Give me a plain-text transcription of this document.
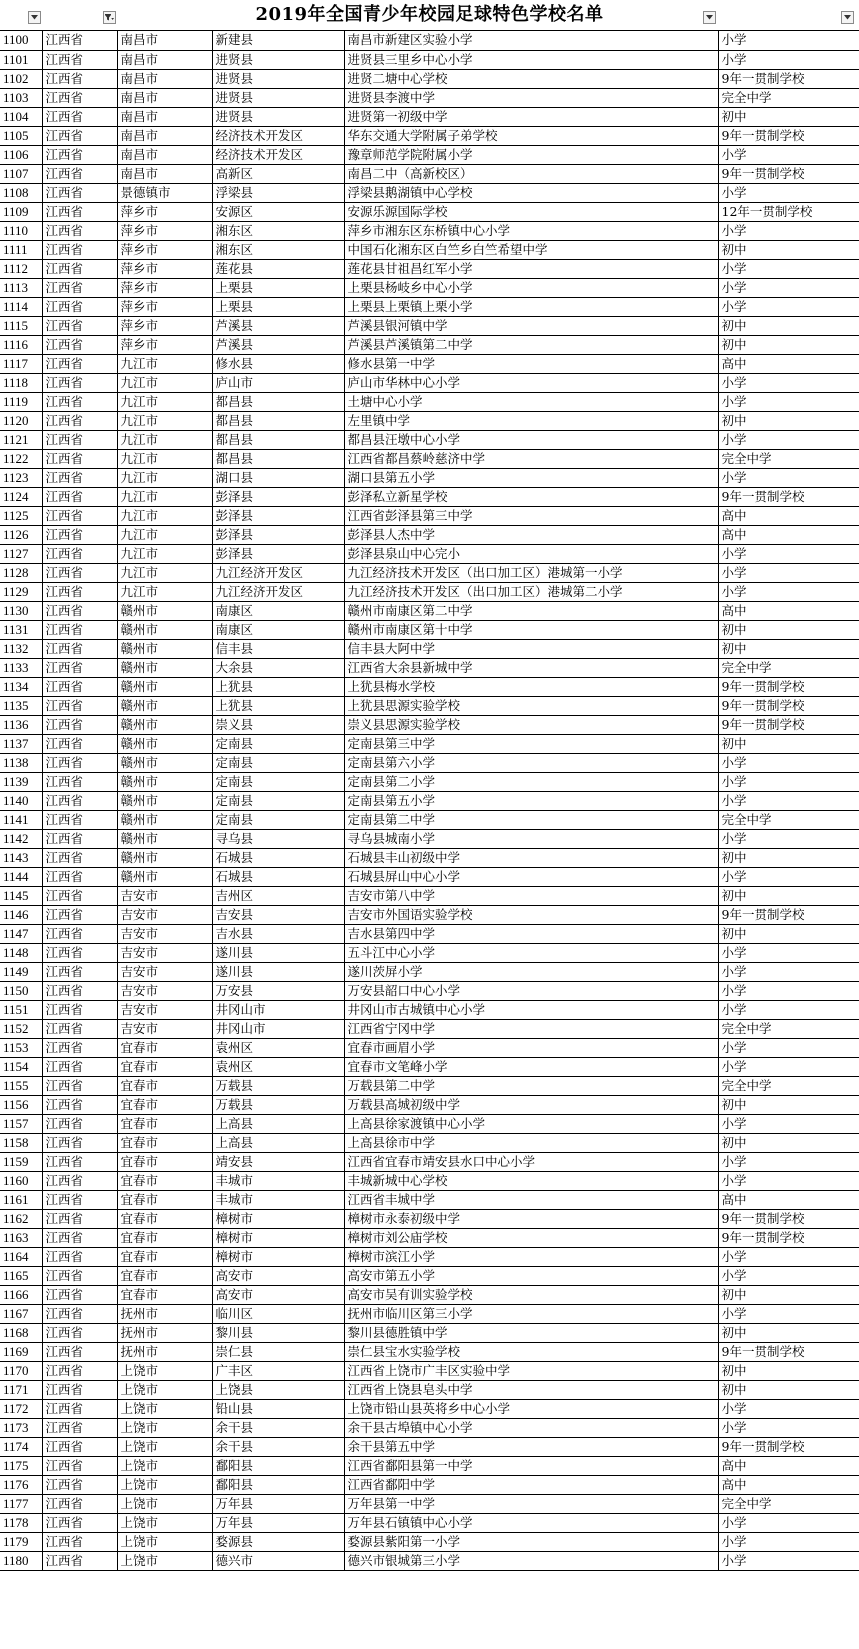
2019年全国青少年校园足球特色学校名单
1100	江西省	南昌市	新建县	南昌市新建区实验小学	小学
1101	江西省	南昌市	进贤县	进贤县三里乡中心小学	小学
1102	江西省	南昌市	进贤县	进贤二塘中心学校	9年一贯制学校
1103	江西省	南昌市	进贤县	进贤县李渡中学	完全中学
1104	江西省	南昌市	进贤县	进贤第一初级中学	初中
1105	江西省	南昌市	经济技术开发区	华东交通大学附属子弟学校	9年一贯制学校
1106	江西省	南昌市	经济技术开发区	豫章师范学院附属小学	小学
1107	江西省	南昌市	高新区	南昌二中（高新校区）	9年一贯制学校
1108	江西省	景德镇市	浮梁县	浮梁县鹅湖镇中心学校	小学
1109	江西省	萍乡市	安源区	安源乐源国际学校	12年一贯制学校
1110	江西省	萍乡市	湘东区	萍乡市湘东区东桥镇中心小学	小学
1111	江西省	萍乡市	湘东区	中国石化湘东区白竺乡白竺希望中学	初中
1112	江西省	萍乡市	莲花县	莲花县甘祖昌红军小学	小学
1113	江西省	萍乡市	上栗县	上栗县杨岐乡中心小学	小学
1114	江西省	萍乡市	上栗县	上栗县上栗镇上栗小学	小学
1115	江西省	萍乡市	芦溪县	芦溪县银河镇中学	初中
1116	江西省	萍乡市	芦溪县	芦溪县芦溪镇第二中学	初中
1117	江西省	九江市	修水县	修水县第一中学	高中
1118	江西省	九江市	庐山市	庐山市华林中心小学	小学
1119	江西省	九江市	都昌县	土塘中心小学	小学
1120	江西省	九江市	都昌县	左里镇中学	初中
1121	江西省	九江市	都昌县	都昌县汪墩中心小学	小学
1122	江西省	九江市	都昌县	江西省都昌蔡岭慈济中学	完全中学
1123	江西省	九江市	湖口县	湖口县第五小学	小学
1124	江西省	九江市	彭泽县	彭泽私立新星学校	9年一贯制学校
1125	江西省	九江市	彭泽县	江西省彭泽县第三中学	高中
1126	江西省	九江市	彭泽县	彭泽县人杰中学	高中
1127	江西省	九江市	彭泽县	彭泽县泉山中心完小	小学
1128	江西省	九江市	九江经济开发区	九江经济技术开发区（出口加工区）港城第一小学	小学
1129	江西省	九江市	九江经济开发区	九江经济技术开发区（出口加工区）港城第二小学	小学
1130	江西省	赣州市	南康区	赣州市南康区第二中学	高中
1131	江西省	赣州市	南康区	赣州市南康区第十中学	初中
1132	江西省	赣州市	信丰县	信丰县大阿中学	初中
1133	江西省	赣州市	大余县	江西省大余县新城中学	完全中学
1134	江西省	赣州市	上犹县	上犹县梅水学校	9年一贯制学校
1135	江西省	赣州市	上犹县	上犹县思源实验学校	9年一贯制学校
1136	江西省	赣州市	崇义县	崇义县思源实验学校	9年一贯制学校
1137	江西省	赣州市	定南县	定南县第三中学	初中
1138	江西省	赣州市	定南县	定南县第六小学	小学
1139	江西省	赣州市	定南县	定南县第二小学	小学
1140	江西省	赣州市	定南县	定南县第五小学	小学
1141	江西省	赣州市	定南县	定南县第二中学	完全中学
1142	江西省	赣州市	寻乌县	寻乌县城南小学	小学
1143	江西省	赣州市	石城县	石城县丰山初级中学	初中
1144	江西省	赣州市	石城县	石城县屏山中心小学	小学
1145	江西省	吉安市	吉州区	吉安市第八中学	初中
1146	江西省	吉安市	吉安县	吉安市外国语实验学校	9年一贯制学校
1147	江西省	吉安市	吉水县	吉水县第四中学	初中
1148	江西省	吉安市	遂川县	五斗江中心小学	小学
1149	江西省	吉安市	遂川县	遂川茨屏小学	小学
1150	江西省	吉安市	万安县	万安县韶口中心小学	小学
1151	江西省	吉安市	井冈山市	井冈山市古城镇中心小学	小学
1152	江西省	吉安市	井冈山市	江西省宁冈中学	完全中学
1153	江西省	宜春市	袁州区	宜春市画眉小学	小学
1154	江西省	宜春市	袁州区	宜春市文笔峰小学	小学
1155	江西省	宜春市	万载县	万载县第二中学	完全中学
1156	江西省	宜春市	万载县	万载县高城初级中学	初中
1157	江西省	宜春市	上高县	上高县徐家渡镇中心小学	小学
1158	江西省	宜春市	上高县	上高县徐市中学	初中
1159	江西省	宜春市	靖安县	江西省宜春市靖安县水口中心小学	小学
1160	江西省	宜春市	丰城市	丰城新城中心学校	小学
1161	江西省	宜春市	丰城市	江西省丰城中学	高中
1162	江西省	宜春市	樟树市	樟树市永泰初级中学	9年一贯制学校
1163	江西省	宜春市	樟树市	樟树市刘公庙学校	9年一贯制学校
1164	江西省	宜春市	樟树市	樟树市滨江小学	小学
1165	江西省	宜春市	高安市	高安市第五小学	小学
1166	江西省	宜春市	高安市	高安市吴有训实验学校	初中
1167	江西省	抚州市	临川区	抚州市临川区第三小学	小学
1168	江西省	抚州市	黎川县	黎川县德胜镇中学	初中
1169	江西省	抚州市	崇仁县	崇仁县宝水实验学校	9年一贯制学校
1170	江西省	上饶市	广丰区	江西省上饶市广丰区实验中学	初中
1171	江西省	上饶市	上饶县	江西省上饶县皂头中学	初中
1172	江西省	上饶市	铅山县	上饶市铅山县英将乡中心小学	小学
1173	江西省	上饶市	余干县	余干县古埠镇中心小学	小学
1174	江西省	上饶市	余干县	余干县第五中学	9年一贯制学校
1175	江西省	上饶市	鄱阳县	江西省鄱阳县第一中学	高中
1176	江西省	上饶市	鄱阳县	江西省鄱阳中学	高中
1177	江西省	上饶市	万年县	万年县第一中学	完全中学
1178	江西省	上饶市	万年县	万年县石镇镇中心小学	小学
1179	江西省	上饶市	婺源县	婺源县紫阳第一小学	小学
1180	江西省	上饶市	德兴市	德兴市银城第三小学	小学
